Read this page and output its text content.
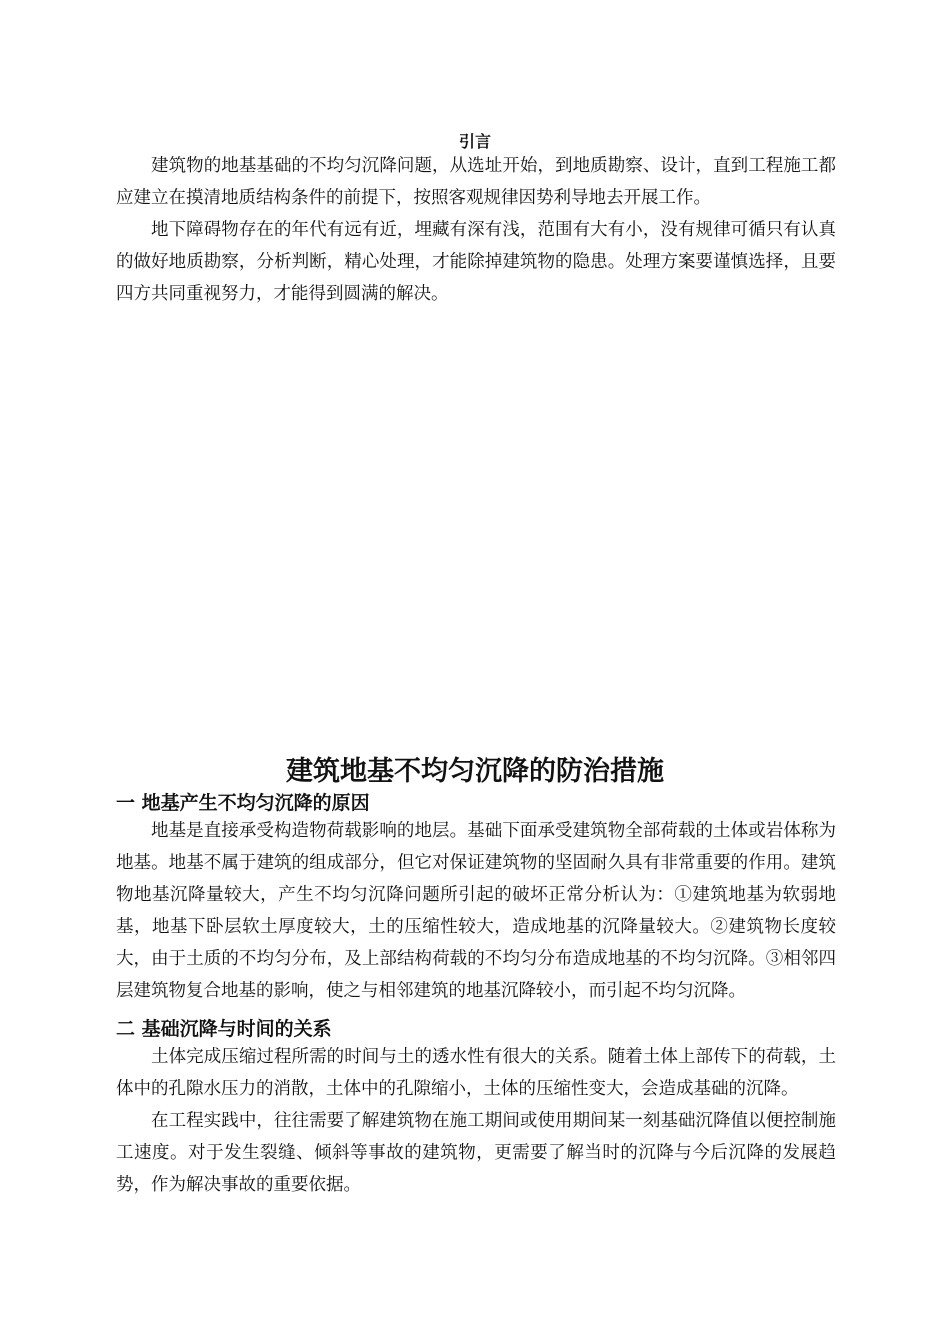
引言

建筑物的地基基础的不均匀沉降问题，从选址开始，到地质勘察、设计，直到工程施工都应建立在摸清地质结构条件的前提下，按照客观规律因势利导地去开展工作。

地下障碍物存在的年代有远有近，埋藏有深有浅，范围有大有小，没有规律可循只有认真的做好地质勘察，分析判断，精心处理，才能除掉建筑物的隐患。处理方案要谨慎选择，且要四方共同重视努力，才能得到圆满的解决。

建筑地基不均匀沉降的防治措施
一 地基产生不均匀沉降的原因

地基是直接承受构造物荷载影响的地层。基础下面承受建筑物全部荷载的土体或岩体称为地基。地基不属于建筑的组成部分，但它对保证建筑物的坚固耐久具有非常重要的作用。建筑物地基沉降量较大，产生不均匀沉降问题所引起的破坏正常分析认为：①建筑地基为软弱地基，地基下卧层软土厚度较大，土的压缩性较大，造成地基的沉降量较大。②建筑物长度较大，由于土质的不均匀分布，及上部结构荷载的不均匀分布造成地基的不均匀沉降。③相邻四层建筑物复合地基的影响，使之与相邻建筑的地基沉降较小，而引起不均匀沉降。

二 基础沉降与时间的关系

土体完成压缩过程所需的时间与土的透水性有很大的关系。随着土体上部传下的荷载，土体中的孔隙水压力的消散，土体中的孔隙缩小，土体的压缩性变大，会造成基础的沉降。

在工程实践中，往往需要了解建筑物在施工期间或使用期间某一刻基础沉降值以便控制施工速度。对于发生裂缝、倾斜等事故的建筑物，更需要了解当时的沉降与今后沉降的发展趋势，作为解决事故的重要依据。
